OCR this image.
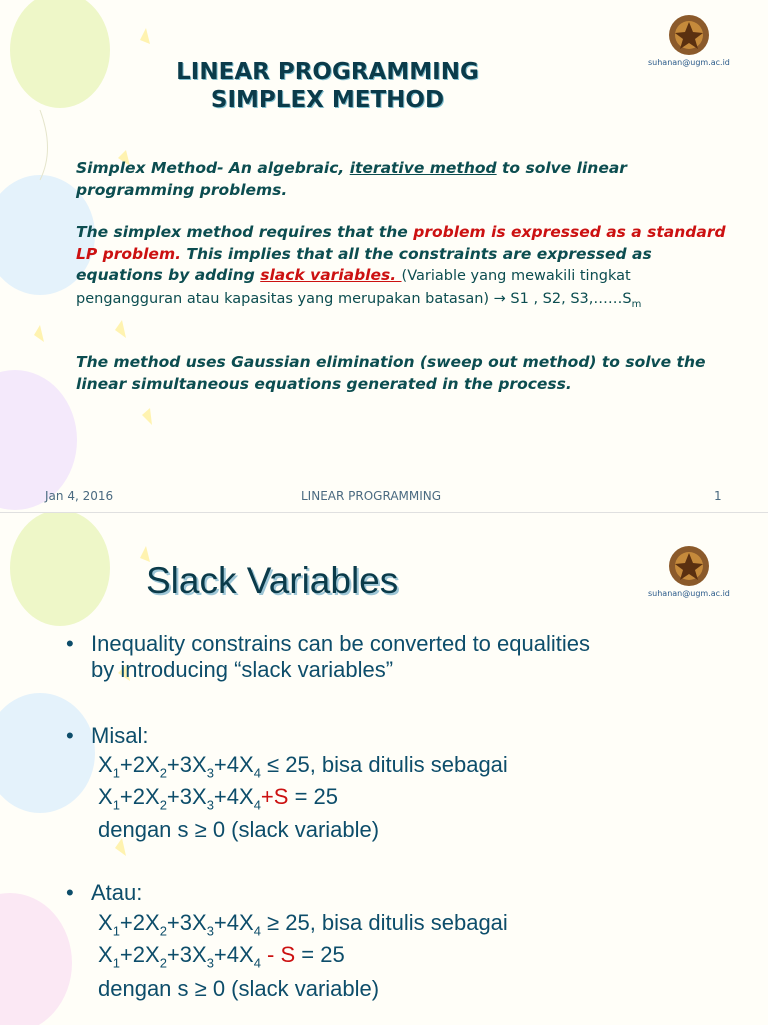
suhanan@ugm.ac.id
LINEAR PROGRAMMING
SIMPLEX METHOD
Simplex Method- An algebraic, iterative method to solve linear programming problems.
The simplex method requires that the problem is expressed as a standard LP problem. This implies that all the constraints are expressed as equations by adding slack variables. (Variable yang mewakili tingkat pengangguran atau kapasitas yang merupakan batasan) → S1 , S2, $S3,\dots\dots S_m$
The method uses Gaussian elimination (sweep out method) to solve the linear simultaneous equations generated in the process.
Jan 4, 2016	LINEAR PROGRAMMING	1
suhanan@ugm.ac.id
Slack Variables
• Inequality constrains can be converted to equalities
by introducing “slack variables”
• Misal:
$X_1+2X_2+3X_3+4X_4 \le 25$, bisa ditulis sebagai
$X_1+2X_2+3X_3+4X_4+S = 25$
dengan s ≥ 0 (slack variable)
• Atau:
$X_1+2X_2+3X_3+4X_4 \ge 25$, bisa ditulis sebagai
$X_1+2X_2+3X_3+4X_4 - S = 25$
dengan s ≥ 0 (slack variable)
